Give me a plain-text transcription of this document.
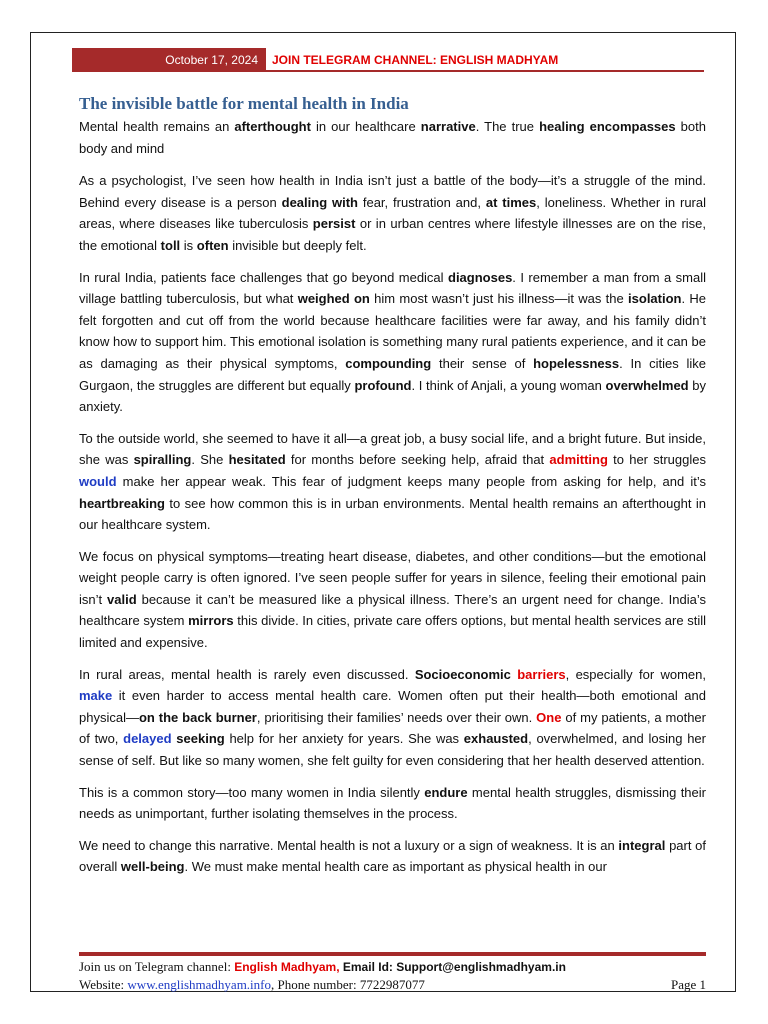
October 17, 2024	JOIN TELEGRAM CHANNEL: ENGLISH MADHYAM
The invisible battle for mental health in India

Mental health remains an afterthought in our healthcare narrative. The true healing encompasses both body and mind

As a psychologist, I’ve seen how health in India isn’t just a battle of the body—it’s a struggle of the mind. Behind every disease is a person dealing with fear, frustration and, at times, loneliness. Whether in rural areas, where diseases like tuberculosis persist or in urban centres where lifestyle illnesses are on the rise, the emotional toll is often invisible but deeply felt.

In rural India, patients face challenges that go beyond medical diagnoses. I remember a man from a small village battling tuberculosis, but what weighed on him most wasn’t just his illness—it was the isolation. He felt forgotten and cut off from the world because healthcare facilities were far away, and his family didn’t know how to support him. This emotional isolation is something many rural patients experience, and it can be as damaging as their physical symptoms, compounding their sense of hopelessness. In cities like Gurgaon, the struggles are different but equally profound. I think of Anjali, a young woman overwhelmed by anxiety.

To the outside world, she seemed to have it all—a great job, a busy social life, and a bright future. But inside, she was spiralling. She hesitated for months before seeking help, afraid that admitting to her struggles would make her appear weak. This fear of judgment keeps many people from asking for help, and it’s heartbreaking to see how common this is in urban environments. Mental health remains an afterthought in our healthcare system.

We focus on physical symptoms—treating heart disease, diabetes, and other conditions—but the emotional weight people carry is often ignored. I’ve seen people suffer for years in silence, feeling their emotional pain isn’t valid because it can’t be measured like a physical illness. There’s an urgent need for change. India’s healthcare system mirrors this divide. In cities, private care offers options, but mental health services are still limited and expensive.

In rural areas, mental health is rarely even discussed. Socioeconomic barriers, especially for women, make it even harder to access mental health care. Women often put their health—both emotional and physical—on the back burner, prioritising their families’ needs over their own. One of my patients, a mother of two, delayed seeking help for her anxiety for years. She was exhausted, overwhelmed, and losing her sense of self. But like so many women, she felt guilty for even considering that her health deserved attention.

This is a common story—too many women in India silently endure mental health struggles, dismissing their needs as unimportant, further isolating themselves in the process.

We need to change this narrative. Mental health is not a luxury or a sign of weakness. It is an integral part of overall well-being. We must make mental health care as important as physical health in our

Join us on Telegram channel: English Madhyam, Email Id: Support@englishmadhyam.in
Website: www.englishmadhyam.info, Phone number: 7722987077	Page 1
